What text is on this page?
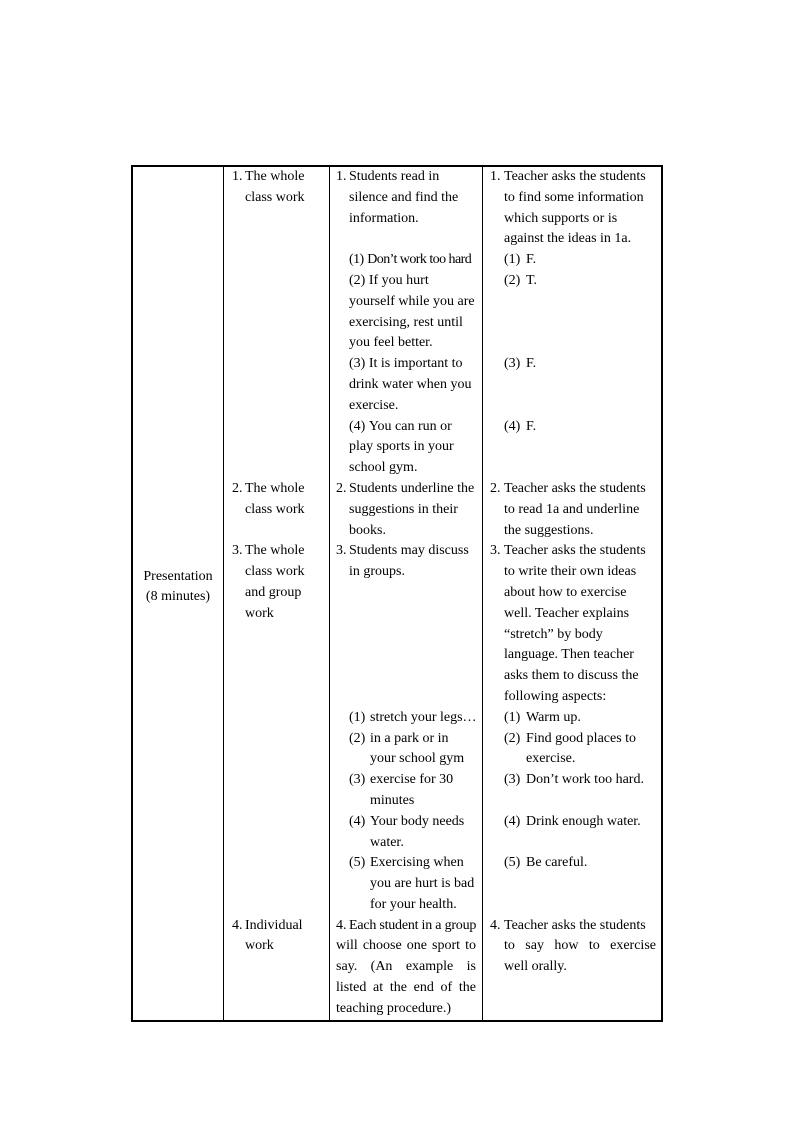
Presentation
(8 minutes)
1. The whole
class work
1. Students read in
silence and find the
information.
1. Teacher asks the students
to find some information
which supports or is
against the ideas in 1a.
(1) Don’t work too hard	(1) F.
(2) If you hurt
yourself while you are
exercising, rest until
you feel better.
(2) T.
(3) It is important to
drink water when you
exercise.
(3) F.
(4) You can run or
play sports in your
school gym.
(4) F.
2. The whole
class work
2. Students underline the
suggestions in their
books.
2. Teacher asks the students
to read 1a and underline
the suggestions.
3. The whole
class work
and group
work
3. Students may discuss
in groups.
3. Teacher asks the students
to write their own ideas
about how to exercise
well. Teacher explains
“stretch” by body
language. Then teacher
asks them to discuss the
following aspects:
(1) stretch your legs…	(1) Warm up.
(2) in a park or in
your school gym
(2) Find good places to
exercise.
(3) exercise for 30
minutes
(3) Don’t work too hard.
(4) Your body needs
water.
(4) Drink enough water.
(5) Exercising when
you are hurt is bad
for your health.
(5) Be careful.
4. Individual
work
4. Each student in a group
will choose one sport to
say. (An example is
listed at the end of the
teaching procedure.)
4. Teacher asks the students
to say how to exercise
well orally.
